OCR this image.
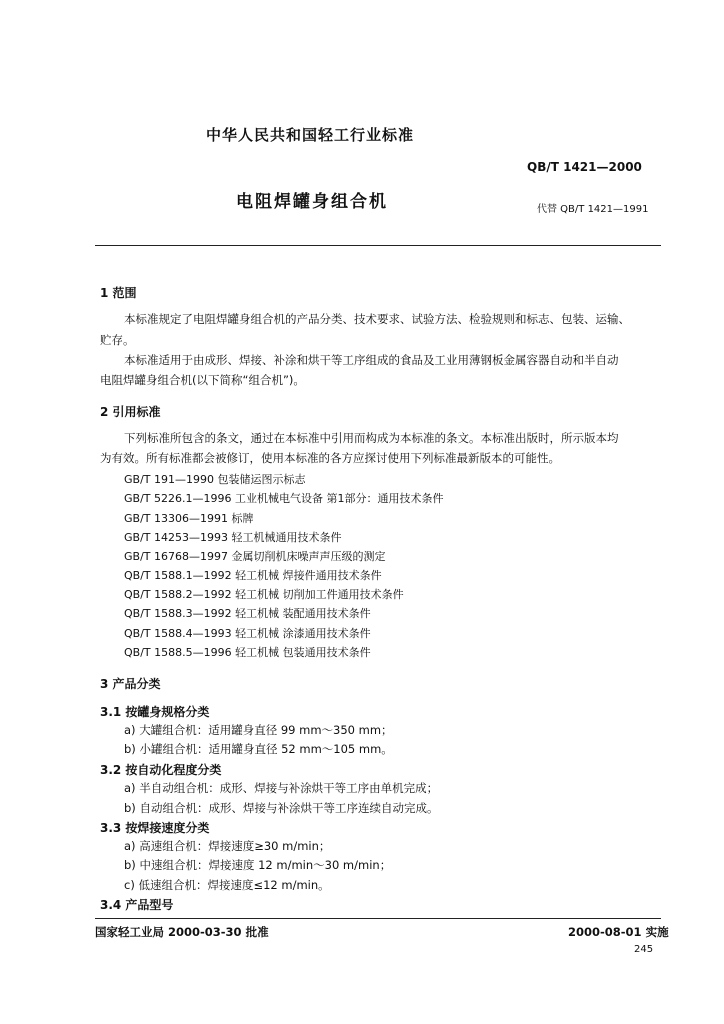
中华人民共和国轻工行业标准
QB/T 1421—2000
电阻焊罐身组合机	代替 QB/T 1421—1991
1 范围
本标准规定了电阻焊罐身组合机的产品分类、技术要求、试验方法、检验规则和标志、包装、运输、
贮存。
本标准适用于由成形、焊接、补涂和烘干等工序组成的食品及工业用薄钢板金属容器自动和半自动
电阻焊罐身组合机(以下简称“组合机”)。
2 引用标准
下列标准所包含的条文，通过在本标准中引用而构成为本标准的条文。本标准出版时，所示版本均
为有效。所有标准都会被修订，使用本标准的各方应探讨使用下列标准最新版本的可能性。
GB/T 191—1990 包装储运图示标志
GB/T 5226.1—1996 工业机械电气设备 第1部分：通用技术条件
GB/T 13306—1991 标牌
GB/T 14253—1993 轻工机械通用技术条件
GB/T 16768—1997 金属切削机床噪声声压级的测定
QB/T 1588.1—1992 轻工机械 焊接件通用技术条件
QB/T 1588.2—1992 轻工机械 切削加工件通用技术条件
QB/T 1588.3—1992 轻工机械 装配通用技术条件
QB/T 1588.4—1993 轻工机械 涂漆通用技术条件
QB/T 1588.5—1996 轻工机械 包装通用技术条件
3 产品分类
3.1 按罐身规格分类
a) 大罐组合机：适用罐身直径 99 mm～350 mm；
b) 小罐组合机：适用罐身直径 52 mm～105 mm。
3.2 按自动化程度分类
a) 半自动组合机：成形、焊接与补涂烘干等工序由单机完成；
b) 自动组合机：成形、焊接与补涂烘干等工序连续自动完成。
3.3 按焊接速度分类
a) 高速组合机：焊接速度≥30 m/min；
b) 中速组合机：焊接速度 12 m/min～30 m/min；
c) 低速组合机：焊接速度≤12 m/min。
3.4 产品型号
国家轻工业局 2000-03-30 批准	2000-08-01 实施
245
